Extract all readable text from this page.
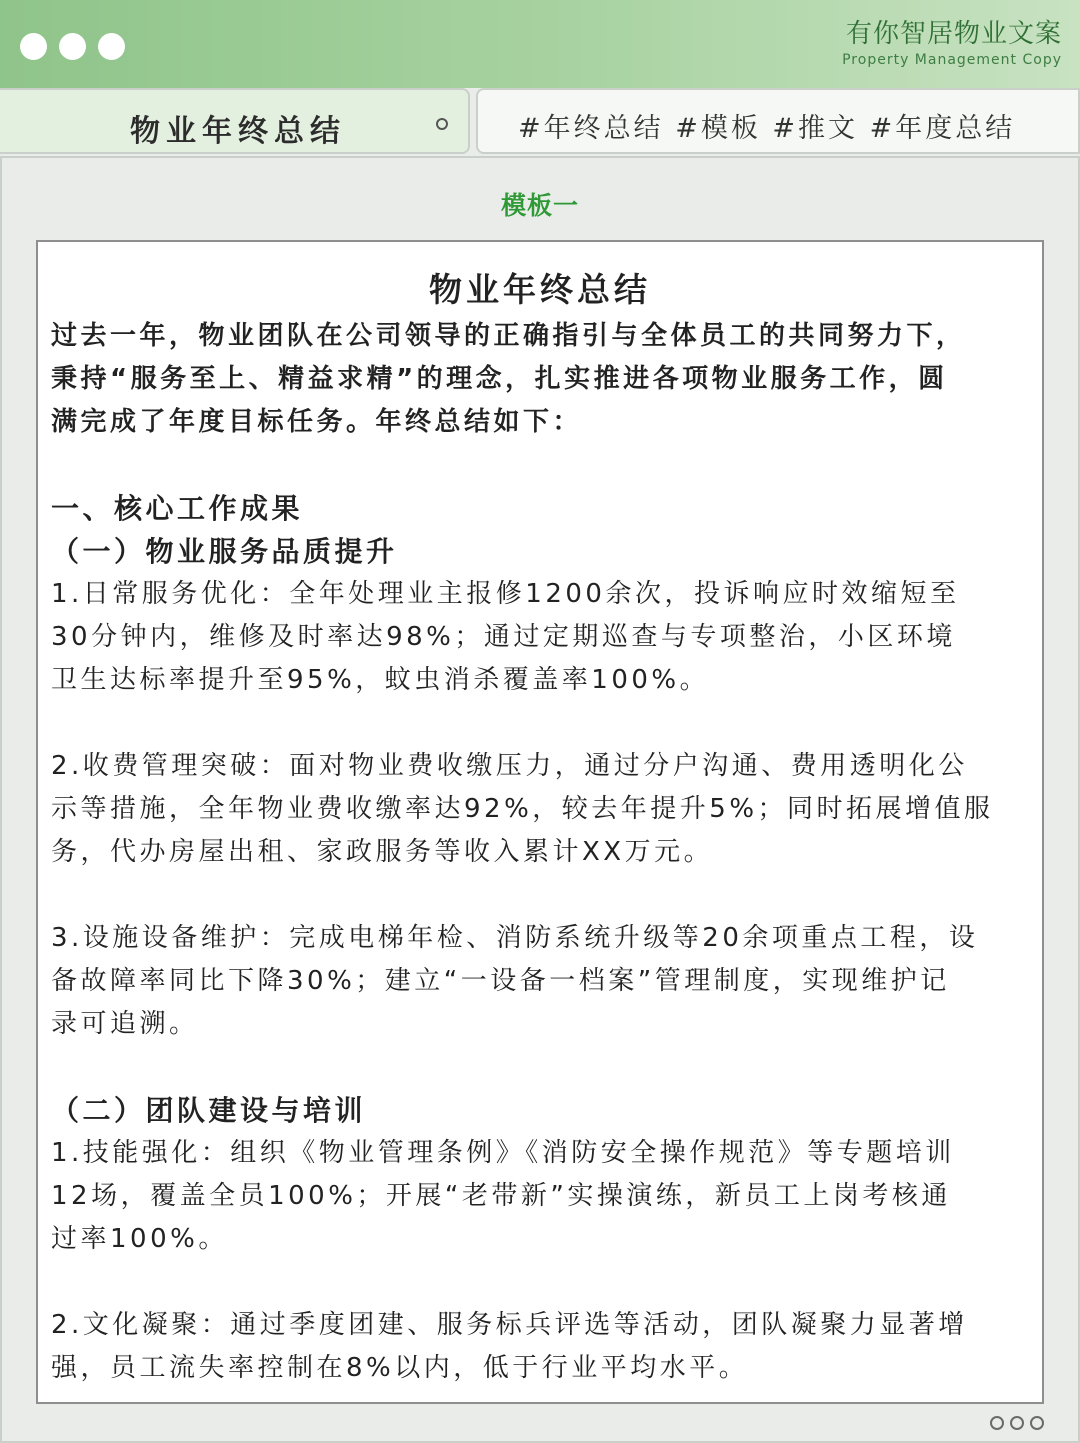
有你智居物业文案
Property Management Copy
物业年终总结	#年终总结 #模板 #推文 #年度总结
模板一
物业年终总结
过去一年，物业团队在公司领导的正确指引与全体员工的共同努力下，
秉持“服务至上、精益求精”的理念，扎实推进各项物业服务工作，圆
满完成了年度目标任务。年终总结如下：
一、核心工作成果
（一）物业服务品质提升
1.日常服务优化：全年处理业主报修1200余次，投诉响应时效缩短至
30分钟内，维修及时率达98%；通过定期巡查与专项整治，小区环境
卫生达标率提升至95%，蚊虫消杀覆盖率100%。
2.收费管理突破：面对物业费收缴压力，通过分户沟通、费用透明化公
示等措施，全年物业费收缴率达92%，较去年提升5%；同时拓展增值服
务，代办房屋出租、家政服务等收入累计XX万元。
3.设施设备维护：完成电梯年检、消防系统升级等20余项重点工程，设
备故障率同比下降30%；建立“一设备一档案”管理制度，实现维护记
录可追溯。
（二）团队建设与培训
1.技能强化：组织《物业管理条例》《消防安全操作规范》等专题培训
12场，覆盖全员100%；开展“老带新”实操演练，新员工上岗考核通
过率100%。
2.文化凝聚：通过季度团建、服务标兵评选等活动，团队凝聚力显著增
强，员工流失率控制在8%以内，低于行业平均水平。
